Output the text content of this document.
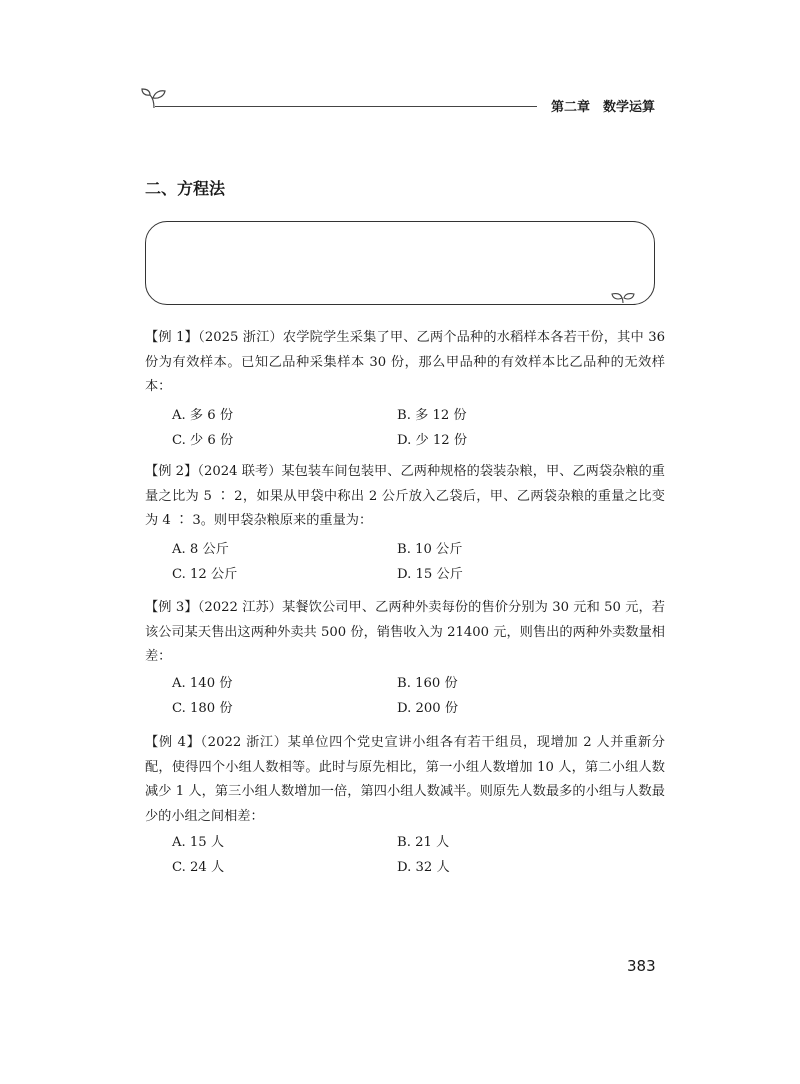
第二章　数学运算
二、方程法
【例 1】（2025 浙江）农学院学生采集了甲、乙两个品种的水稻样本各若干份，其中 36 份为有效样本。已知乙品种采集样本 30 份，那么甲品种的有效样本比乙品种的无效样本：
A. 多 6 份	B. 多 12 份
C. 少 6 份	D. 少 12 份
【例 2】（2024 联考）某包装车间包装甲、乙两种规格的袋装杂粮，甲、乙两袋杂粮的重量之比为 5 ∶ 2，如果从甲袋中称出 2 公斤放入乙袋后，甲、乙两袋杂粮的重量之比变为 4 ∶ 3。则甲袋杂粮原来的重量为：
A. 8 公斤	B. 10 公斤
C. 12 公斤	D. 15 公斤
【例 3】（2022 江苏）某餐饮公司甲、乙两种外卖每份的售价分别为 30 元和 50 元，若该公司某天售出这两种外卖共 500 份，销售收入为 21400 元，则售出的两种外卖数量相差：
A. 140 份	B. 160 份
C. 180 份	D. 200 份
【例 4】（2022 浙江）某单位四个党史宣讲小组各有若干组员，现增加 2 人并重新分配，使得四个小组人数相等。此时与原先相比，第一小组人数增加 10 人，第二小组人数减少 1 人，第三小组人数增加一倍，第四小组人数减半。则原先人数最多的小组与人数最少的小组之间相差：
A. 15 人	B. 21 人
C. 24 人	D. 32 人
383
